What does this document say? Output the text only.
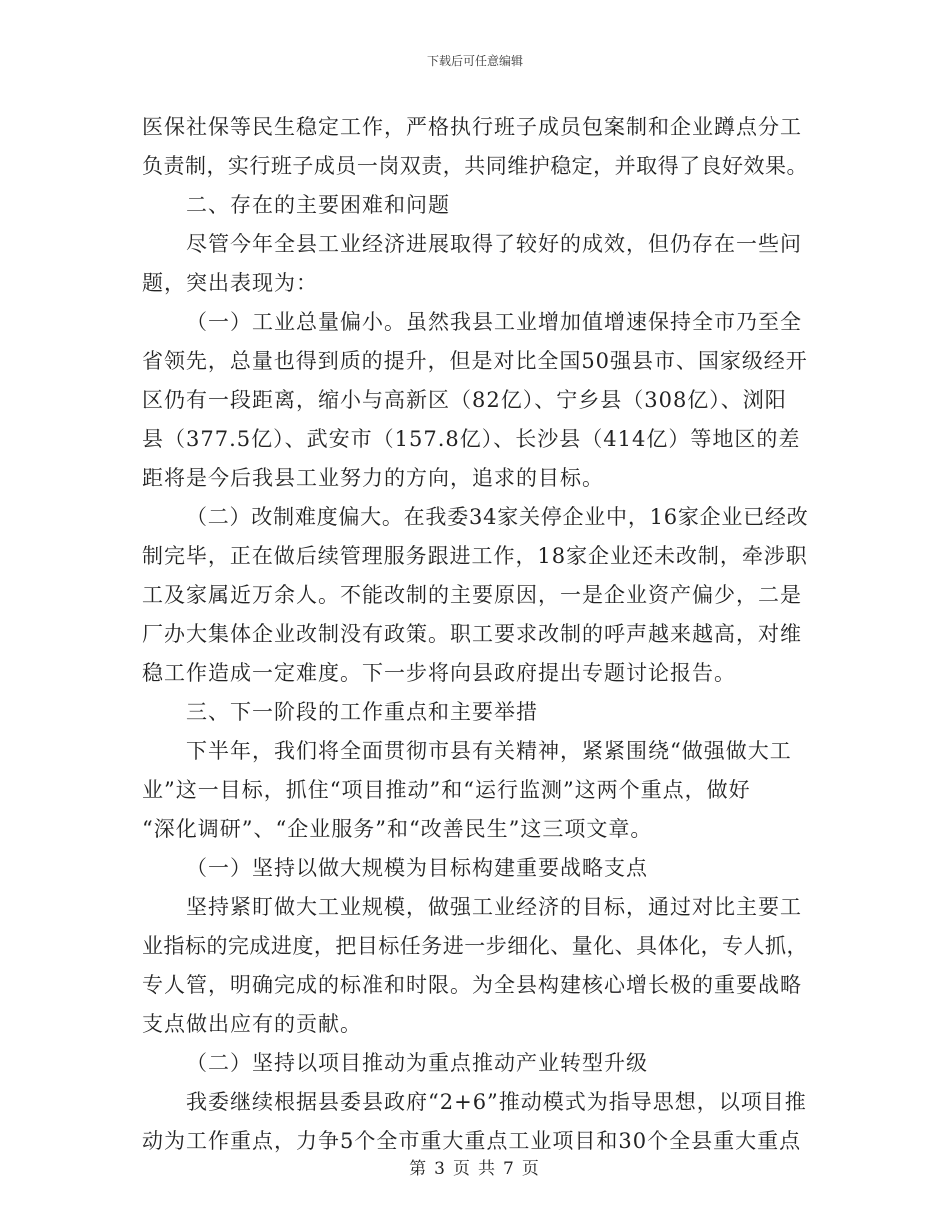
下载后可任意编辑
医保社保等民生稳定工作，严格执行班子成员包案制和企业蹲点分工
负责制，实行班子成员一岗双责，共同维护稳定，并取得了良好效果。
二、存在的主要困难和问题
尽管今年全县工业经济进展取得了较好的成效，但仍存在一些问
题，突出表现为：
（一）工业总量偏小。虽然我县工业增加值增速保持全市乃至全
省领先，总量也得到质的提升，但是对比全国50强县市、国家级经开
区仍有一段距离，缩小与高新区（82亿）、宁乡县（308亿）、浏阳
县（377.5亿）、武安市（157.8亿）、长沙县（414亿）等地区的差
距将是今后我县工业努力的方向，追求的目标。
（二）改制难度偏大。在我委34家关停企业中，16家企业已经改
制完毕，正在做后续管理服务跟进工作，18家企业还未改制，牵涉职
工及家属近万余人。不能改制的主要原因，一是企业资产偏少，二是
厂办大集体企业改制没有政策。职工要求改制的呼声越来越高，对维
稳工作造成一定难度。下一步将向县政府提出专题讨论报告。
三、下一阶段的工作重点和主要举措
下半年，我们将全面贯彻市县有关精神，紧紧围绕“做强做大工
业”这一目标，抓住“项目推动”和“运行监测”这两个重点，做好
“深化调研”、“企业服务”和“改善民生”这三项文章。
（一）坚持以做大规模为目标构建重要战略支点
坚持紧盯做大工业规模，做强工业经济的目标，通过对比主要工
业指标的完成进度，把目标任务进一步细化、量化、具体化，专人抓，
专人管，明确完成的标准和时限。为全县构建核心增长极的重要战略
支点做出应有的贡献。
（二）坚持以项目推动为重点推动产业转型升级
我委继续根据县委县政府“2+6”推动模式为指导思想，以项目推
动为工作重点，力争5个全市重大重点工业项目和30个全县重大重点
第 3 页 共 7 页
